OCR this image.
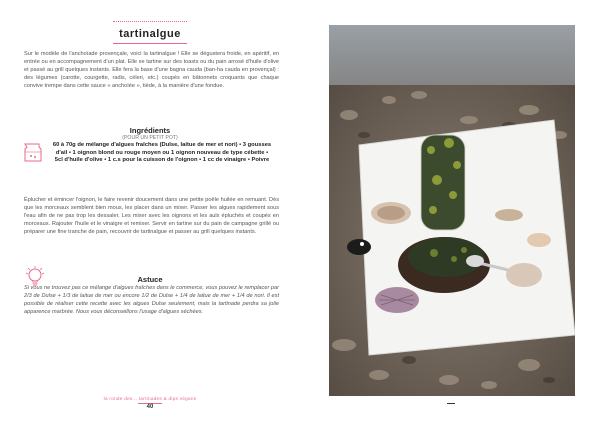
tartinalgue

Sur le modèle de l'anchoïade provençale, voici la tartinalgue ! Elle se dégustera froide, en apéritif, en entrée ou en accompagnement d'un plat. Elle se tartine sur des toasts ou du pain arrosé d'huile d'olive et passé au grill quelques instants. Elle fera la base d'une bagna cauda (ban-ha cauda en provençal) : des légumes (carotte, courgette, radis, céleri, etc.) coupés en bâtonnets croquants que chaque convive trempe dans cette sauce « anchoïée », tiède, à la manière d'une fondue.

Ingrédients
(POUR UN PETIT POT)

60 à 70g de mélange d'algues fraîches (Dulse, laitue de mer et nori) • 3 gousses d'ail • 1 oignon blond ou rouge moyen ou 1 oignon nouveau de type cébette • 5cl d'huile d'olive • 1 c.s pour la cuisson de l'oignon • 1 cc de vinaigre • Poivre

Éplucher et émincer l'oignon, le faire revenir doucement dans une petite poêle huilée en remuant. Dès que les morceaux semblent bien mous, les placer dans un mixer. Passer les algues rapidement sous l'eau afin de ne pas trop les dessaler. Les mixer avec les oignons et les aulx épluchés et coupés en morceaux. Rajouter l'huile et le vinaigre et remixer. Servir en tartine sur du pain de campagne grillé ou préparer une fine tranche de pain, recouvrir de tartinalgue et passer au grill quelques instants.

Astuce

Si vous ne trouvez pas ce mélange d'algues fraîches dans le commerce, vous pouvez le remplacer par 2/3 de Dulse + 1/3 de laitue de mer ou encore 1/2 de Dulse + 1/4 de laitue de mer + 1/4 de nori. Il est possible de réaliser cette recette avec les algues Dulse seulement, mais la tartinade perdra sa jolie apparence marbrée. Nous vous déconseillons l'usage d'algues séchées.

la ronde des... tartinades & dips végans
40
